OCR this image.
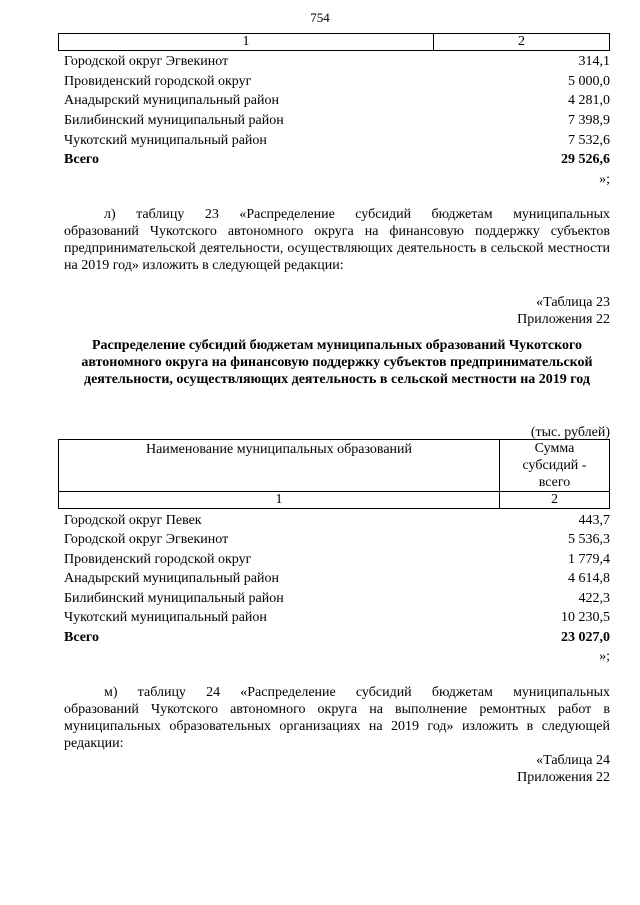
754
1	2
Городской округ Эгвекинот	314,1
Провиденский городской округ	5 000,0
Анадырский муниципальный район	4 281,0
Билибинский муниципальный район	7 398,9
Чукотский муниципальный район	7 532,6
Всего	29 526,6
»;
л) таблицу 23 «Распределение субсидий бюджетам муниципальных
образований Чукотского автономного округа на финансовую поддержку субъектов предпринимательской деятельности, осуществляющих деятельность в сельской местности на 2019 год» изложить в следующей редакции:
«Таблица 23
Приложения 22
Распределение субсидий бюджетам муниципальных образований Чукотского автономного округа на финансовую поддержку субъектов предпринимательской деятельности, осуществляющих деятельность в сельской местности на 2019 год
(тыс. рублей)
Наименование муниципальных образований	Сумма субсидий - всего
1	2
Городской округ Певек	443,7
Городской округ Эгвекинот	5 536,3
Провиденский городской округ	1 779,4
Анадырский муниципальный район	4 614,8
Билибинский муниципальный район	422,3
Чукотский муниципальный район	10 230,5
Всего	23 027,0
»;
м) таблицу 24 «Распределение субсидий бюджетам муниципальных
образований Чукотского автономного округа на выполнение ремонтных работ в муниципальных образовательных организациях на 2019 год» изложить в следующей редакции:
«Таблица 24
Приложения 22
